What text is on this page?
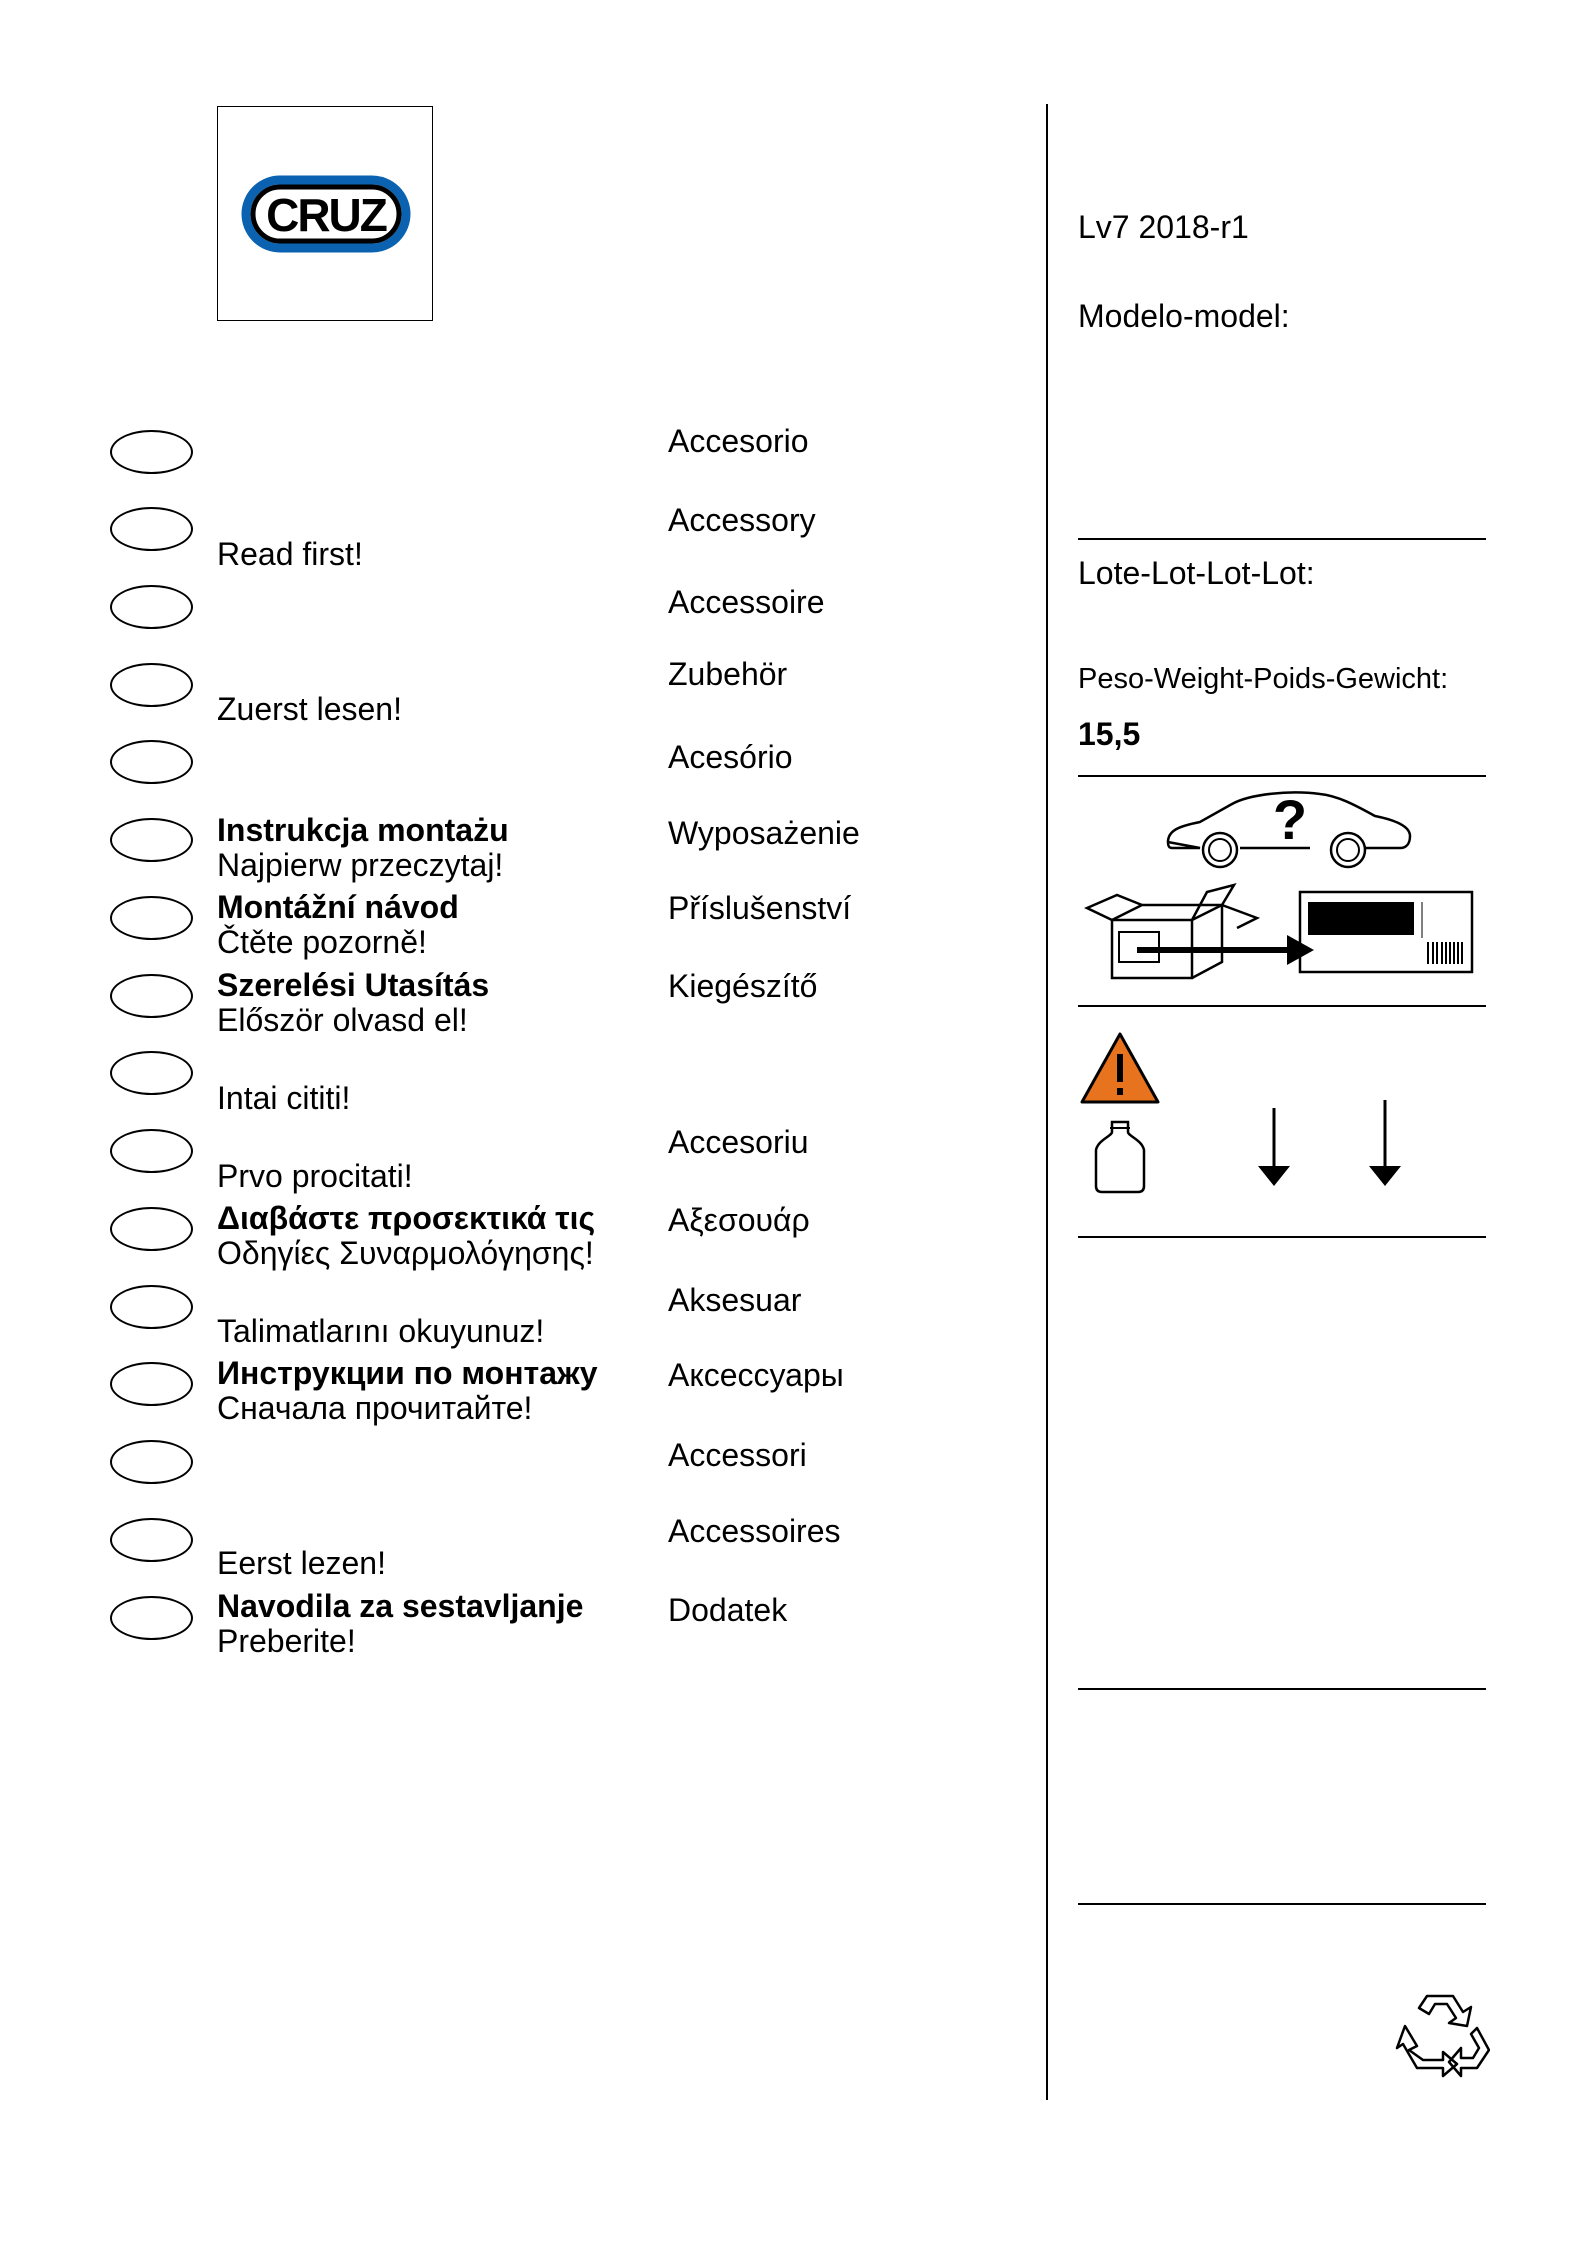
CRUZ
Read first!
Zuerst lesen!
Instrukcja montażu
Najpierw przeczytaj!
Montážní návod
Čtěte pozorně!
Szerelési Utasítás
Először olvasd el!
Intai cititi!
Prvo procitati!
Διαβάστε προσεκτικά τις
Οδηγίες Συναρμολόγησης!
Talimatlarını okuyunuz!
Инструкции по монтажу
Сначала прочитайте!
Eerst lezen!
Navodila za sestavljanje
Preberite!
Accesorio
Accessory
Accessoire
Zubehör
Acesório
Wyposażenie
Příslušenství
Kiegészítő
Accesoriu
Αξεσουάρ
Aksesuar
Аксессуары
Accessori
Accessoires
Dodatek
Lv7 2018-r1
Modelo-model:
Lote-Lot-Lot-Lot:
Peso-Weight-Poids-Gewicht:
15,5
?
